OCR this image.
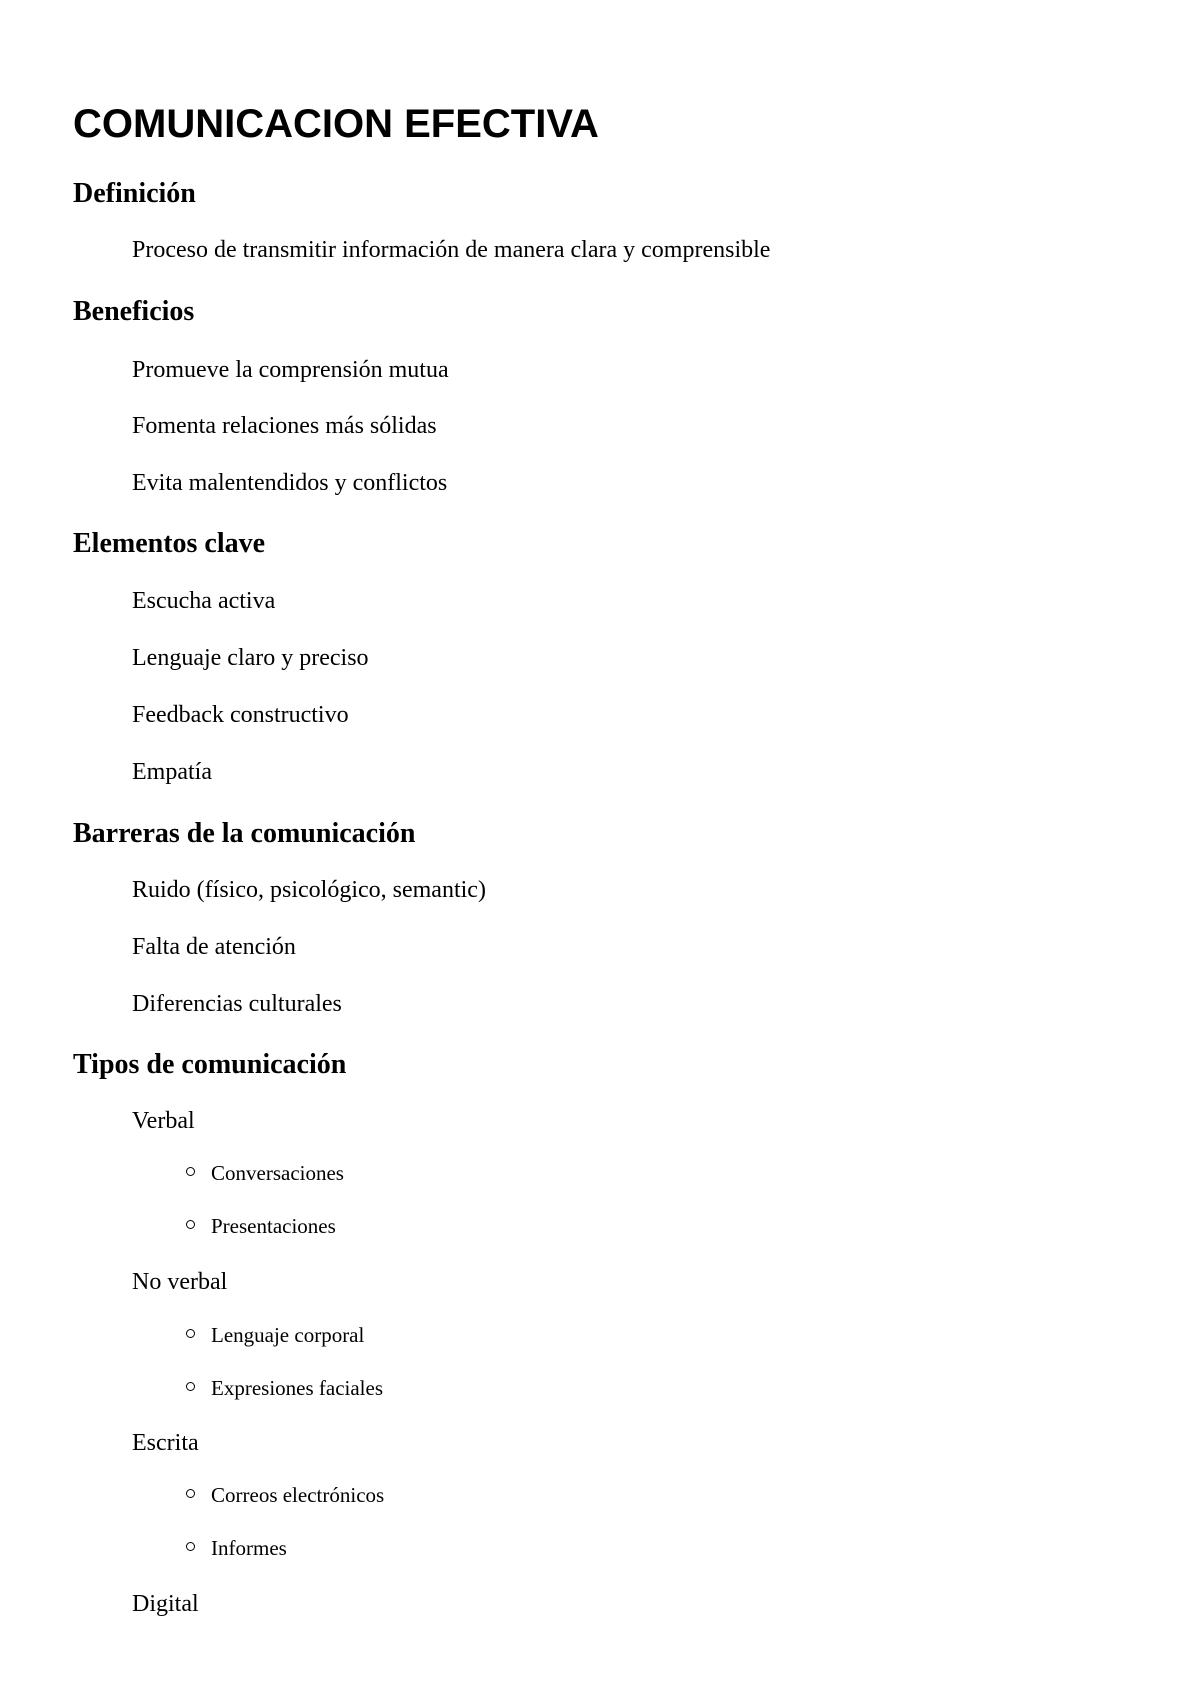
COMUNICACION EFECTIVA
Definición
Proceso de transmitir información de manera clara y comprensible
Beneficios
Promueve la comprensión mutua
Fomenta relaciones más sólidas
Evita malentendidos y conflictos
Elementos clave
Escucha activa
Lenguaje claro y preciso
Feedback constructivo
Empatía
Barreras de la comunicación
Ruido (físico, psicológico, semantic)
Falta de atención
Diferencias culturales
Tipos de comunicación
Verbal
Conversaciones
Presentaciones
No verbal
Lenguaje corporal
Expresiones faciales
Escrita
Correos electrónicos
Informes
Digital
